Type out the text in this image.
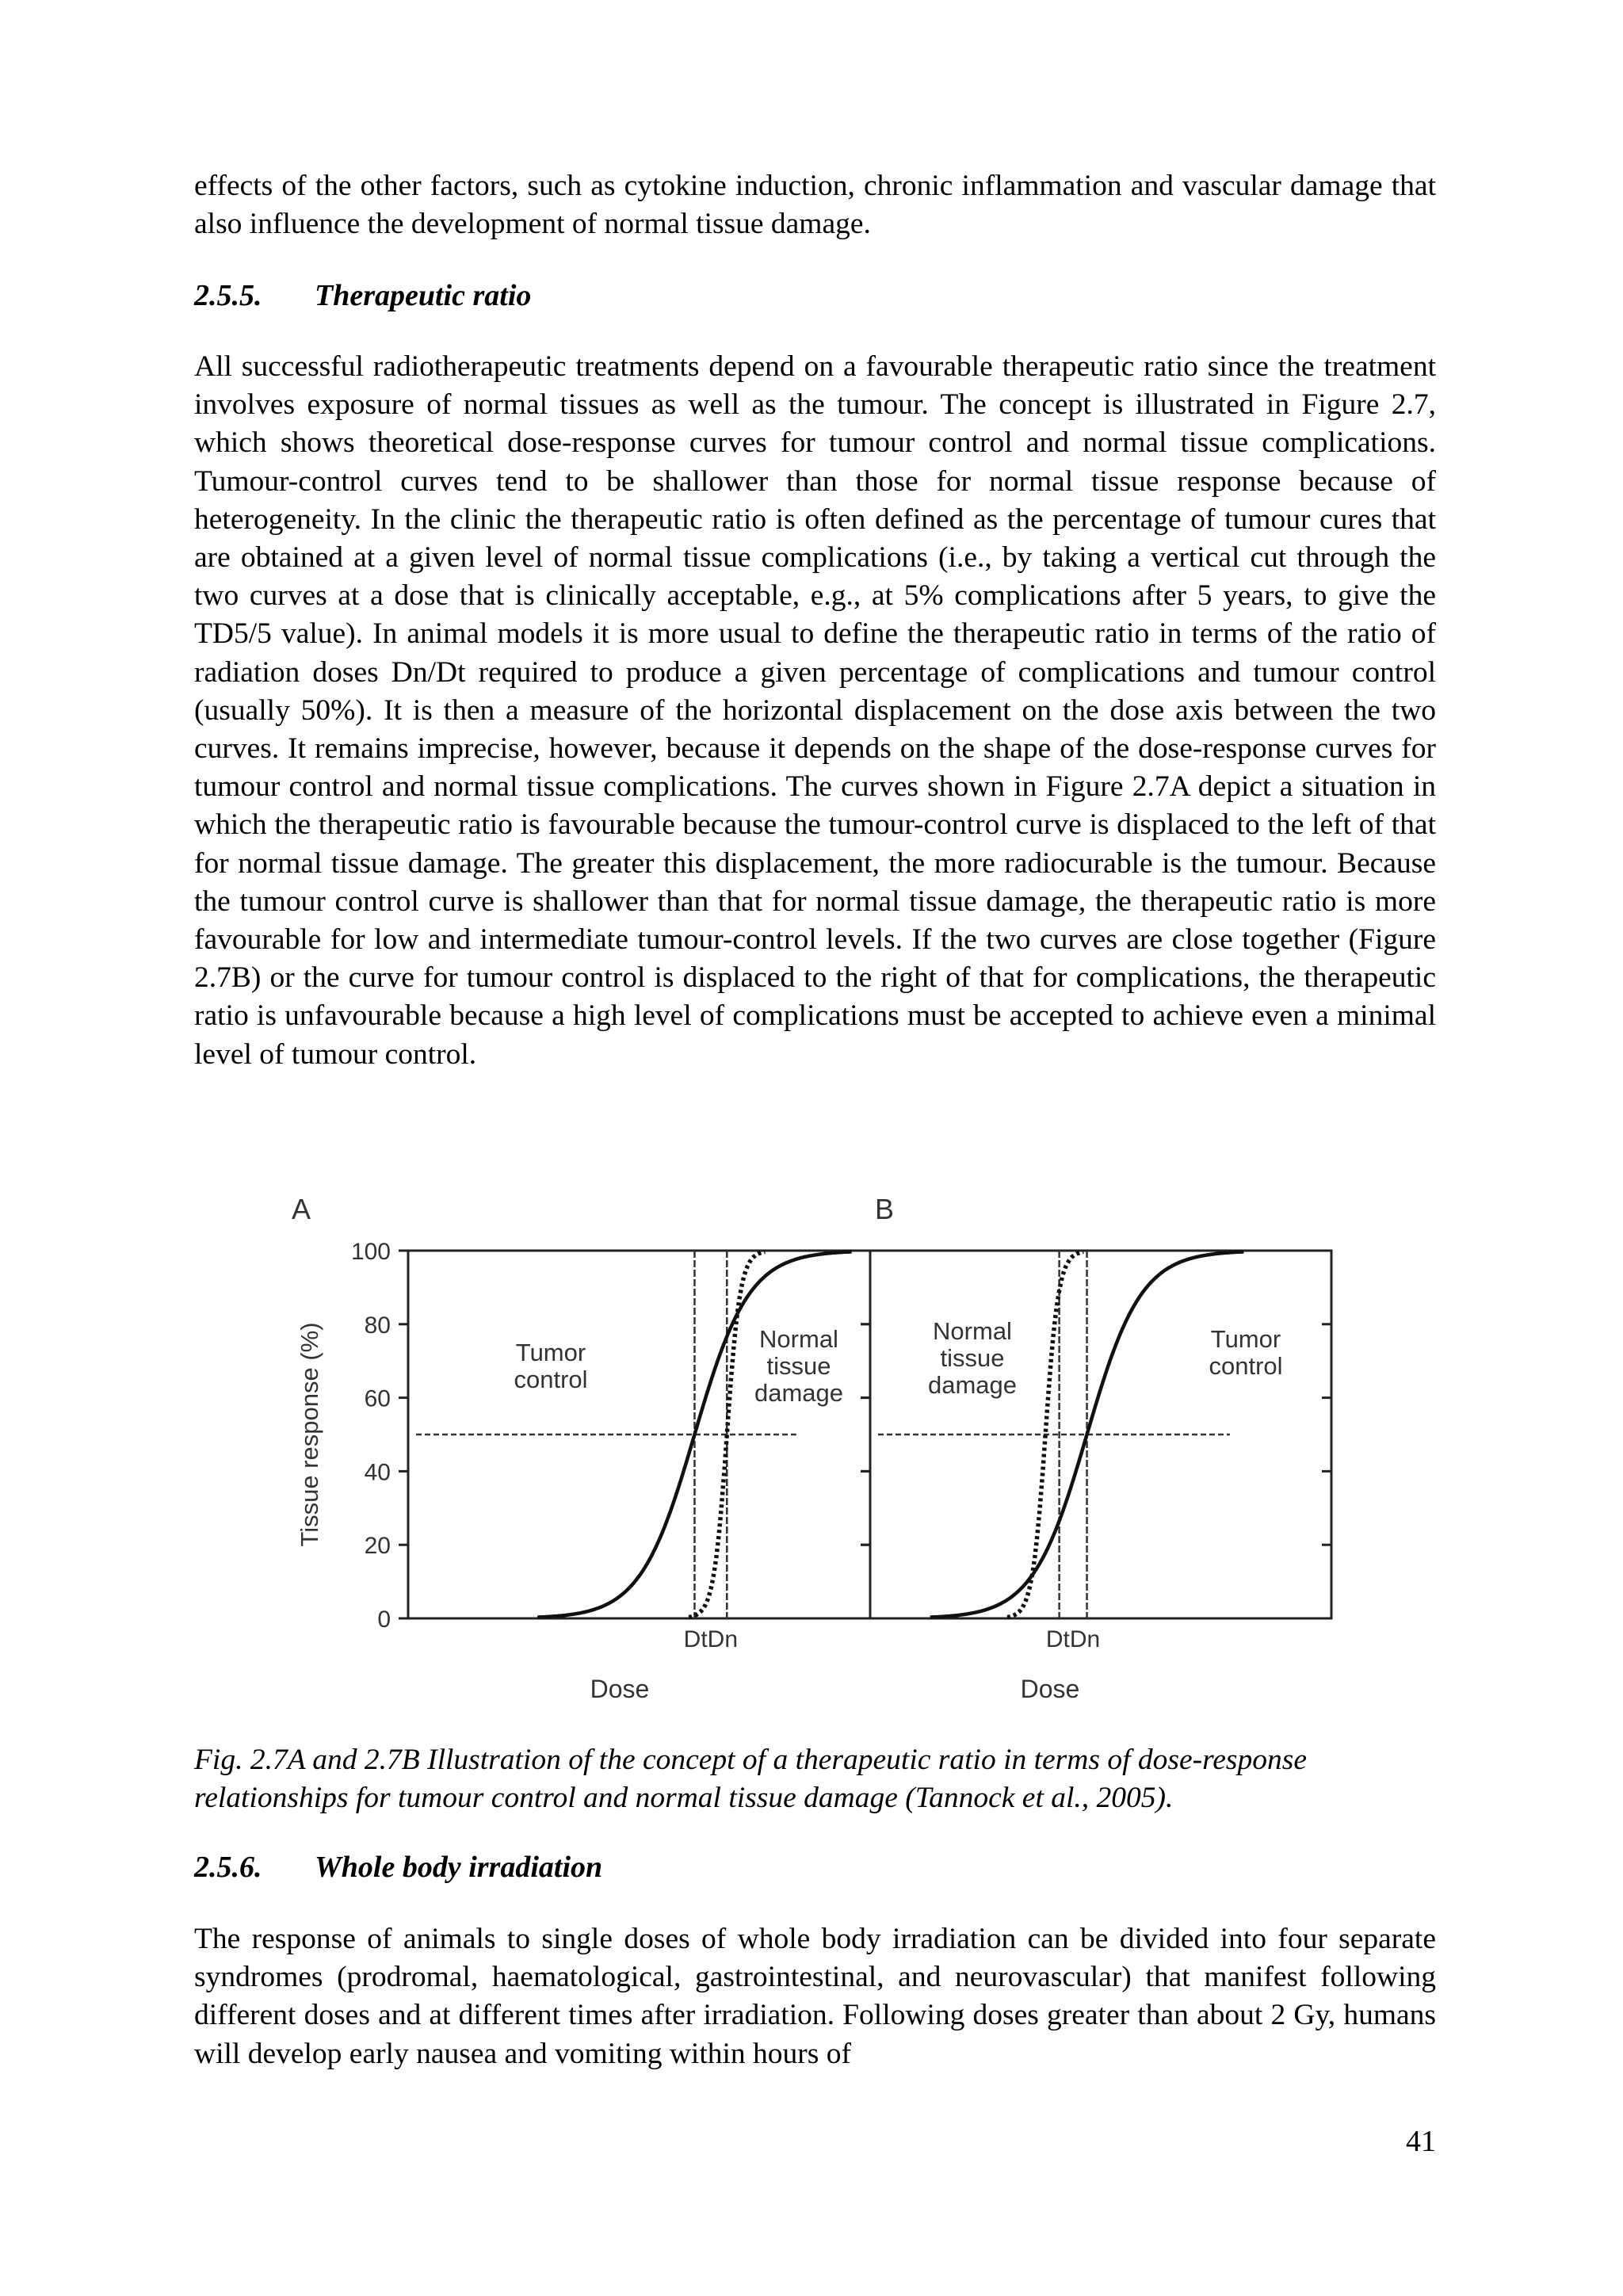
effects of the other factors, such as cytokine induction, chronic inflammation and vascular damage that also influence the development of normal tissue damage.

2.5.5. Therapeutic ratio

All successful radiotherapeutic treatments depend on a favourable therapeutic ratio since the treatment involves exposure of normal tissues as well as the tumour. The concept is illustrated in Figure 2.7, which shows theoretical dose-response curves for tumour control and normal tissue complications. Tumour-control curves tend to be shallower than those for normal tissue response because of heterogeneity. In the clinic the therapeutic ratio is often defined as the percentage of tumour cures that are obtained at a given level of normal tissue complications (i.e., by taking a vertical cut through the two curves at a dose that is clinically acceptable, e.g., at 5% complications after 5 years, to give the TD5/5 value). In animal models it is more usual to define the therapeutic ratio in terms of the ratio of radiation doses Dn/Dt required to produce a given percentage of complications and tumour control (usually 50%). It is then a measure of the horizontal displacement on the dose axis between the two curves. It remains imprecise, however, because it depends on the shape of the dose-response curves for tumour control and normal tissue complications. The curves shown in Figure 2.7A depict a situation in which the therapeutic ratio is favourable because the tumour-control curve is displaced to the left of that for normal tissue damage. The greater this displacement, the more radiocurable is the tumour. Because the tumour control curve is shallower than that for normal tissue damage, the therapeutic ratio is more favourable for low and intermediate tumour-control levels. If the two curves are close together (Figure 2.7B) or the curve for tumour control is displaced to the right of that for complications, the therapeutic ratio is unfavourable because a high level of complications must be accepted to achieve even a minimal level of tumour control.

A
0
20
40
60
80
100
Tissue response (%)
DtDn
Dose
Tumor
control
Normal
tissue
damage
B
DtDn
Dose
Normal
tissue
damage
Tumor
control

Fig. 2.7A and 2.7B Illustration of the concept of a therapeutic ratio in terms of dose-response relationships for tumour control and normal tissue damage (Tannock et al., 2005).

2.5.6. Whole body irradiation

The response of animals to single doses of whole body irradiation can be divided into four separate syndromes (prodromal, haematological, gastrointestinal, and neurovascular) that manifest following different doses and at different times after irradiation. Following doses greater than about 2 Gy, humans will develop early nausea and vomiting within hours of

41
